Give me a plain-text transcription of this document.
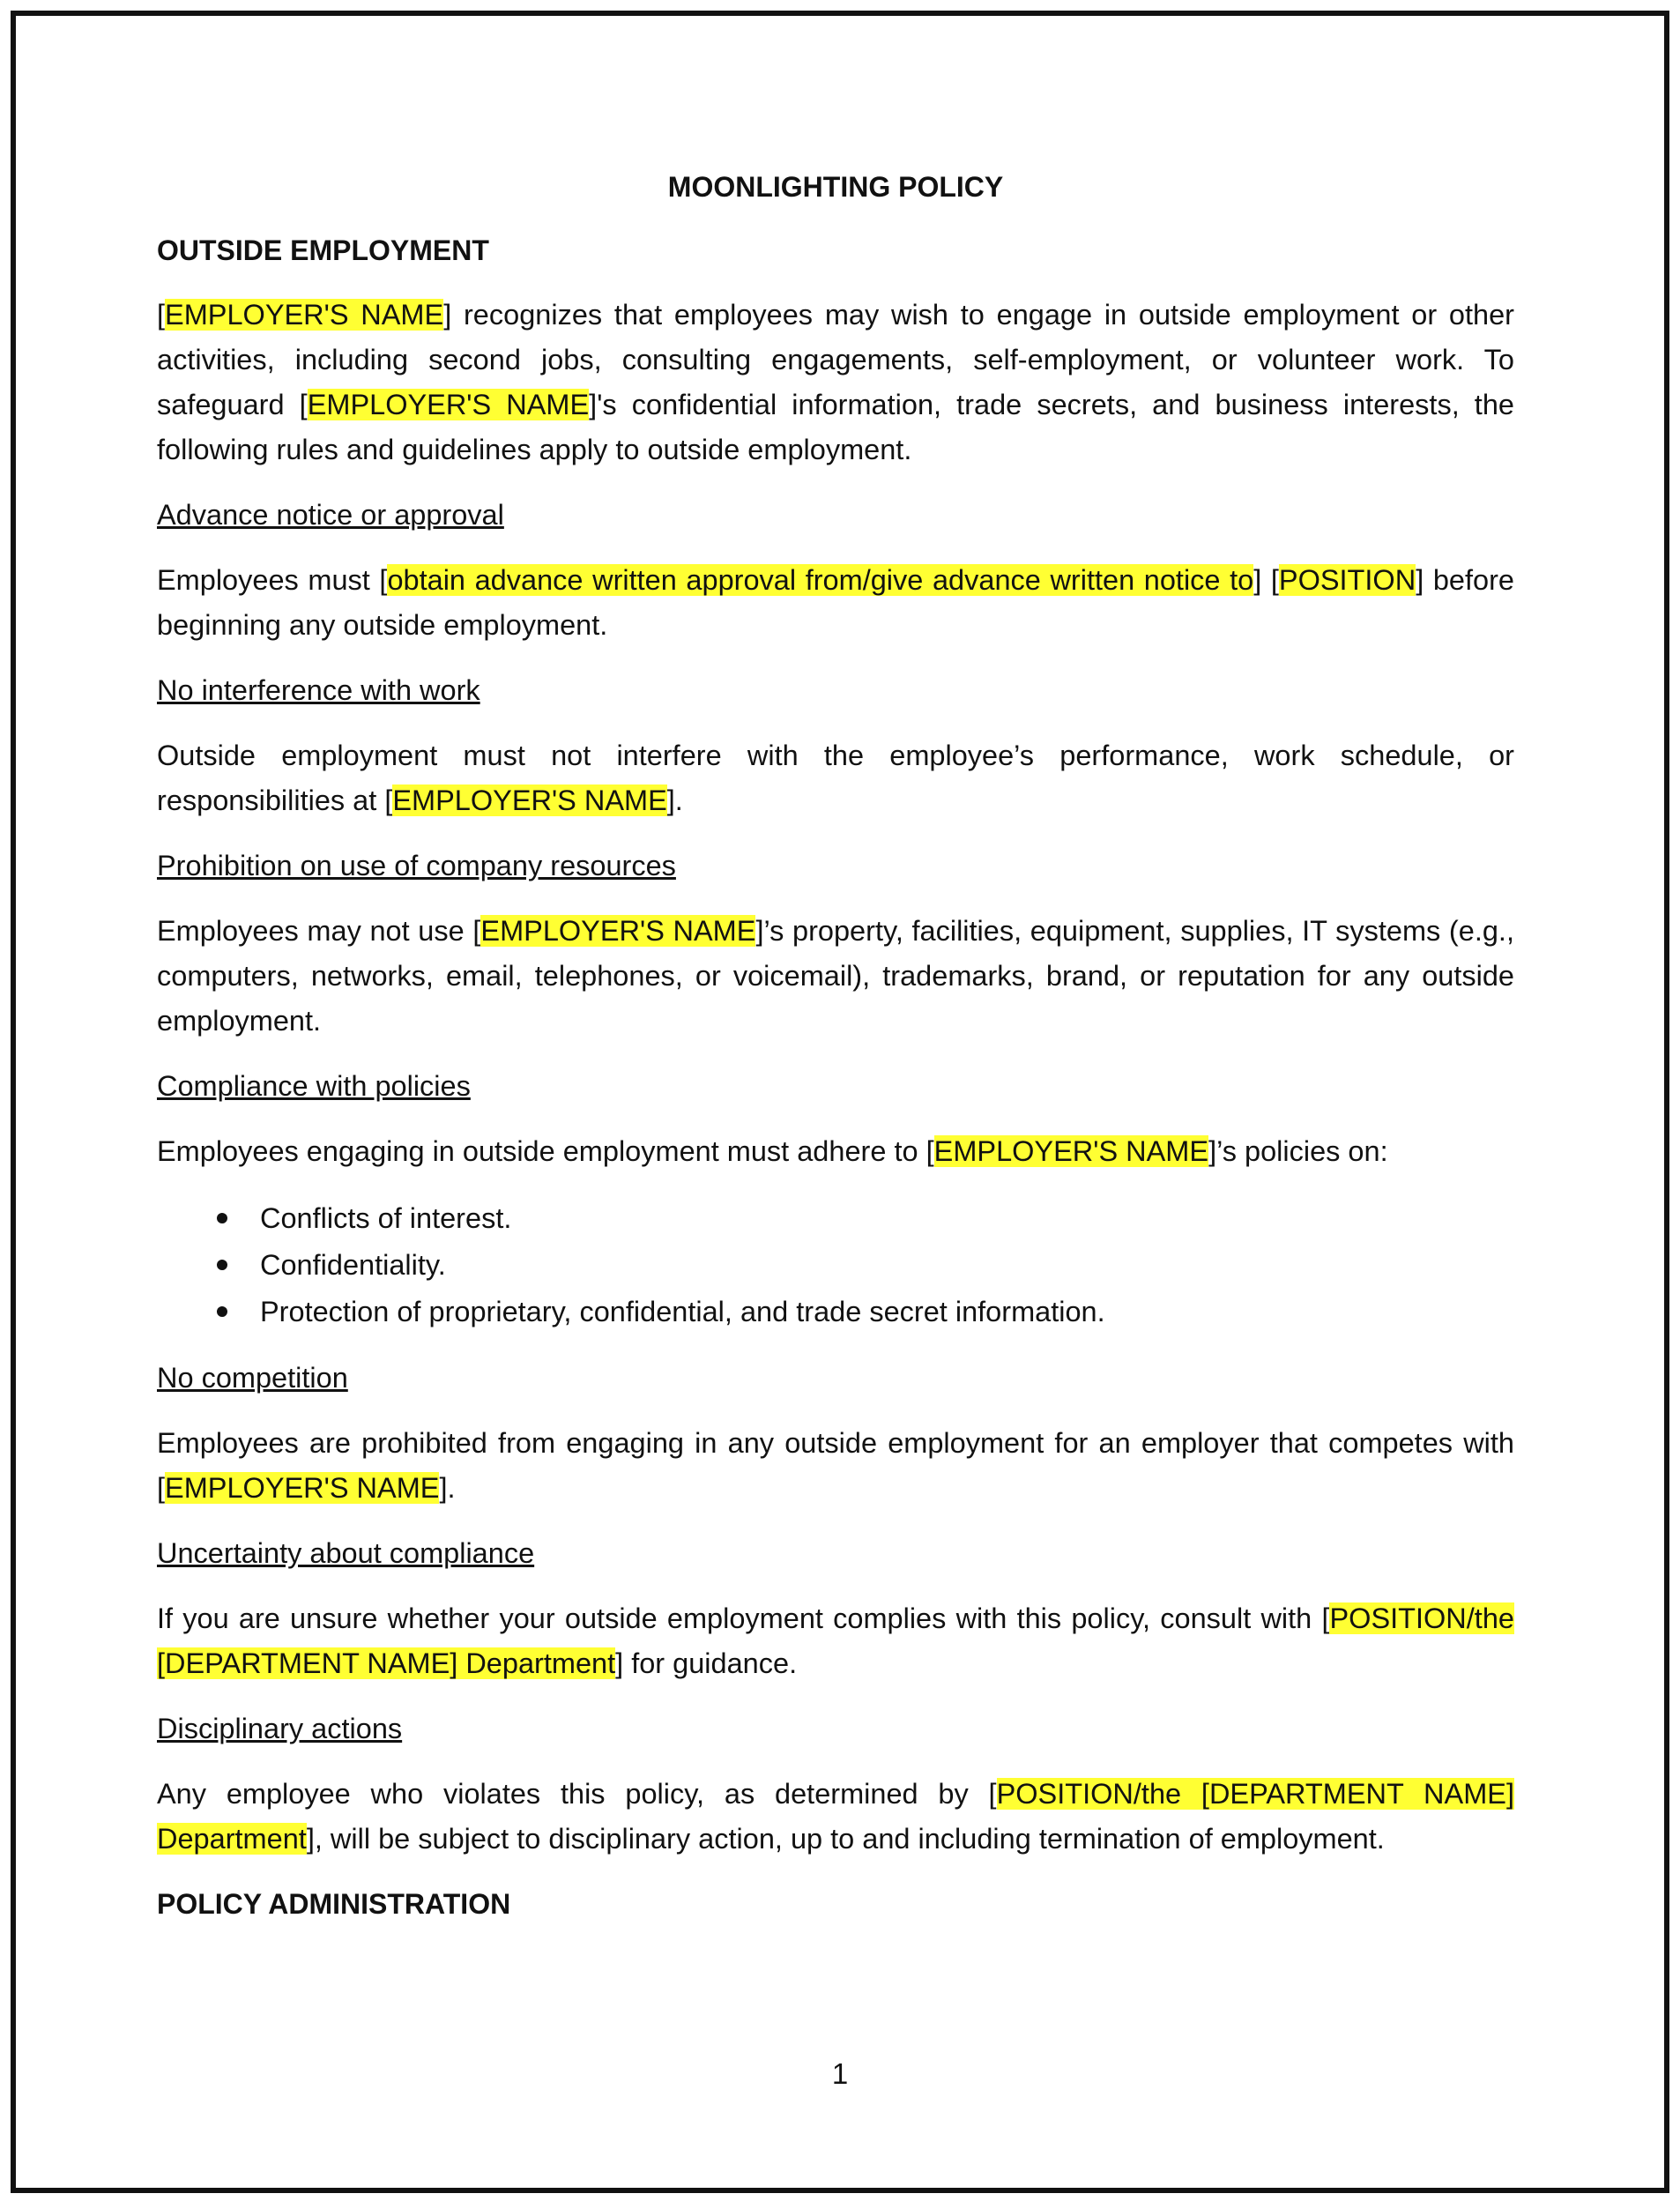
MOONLIGHTING POLICY
OUTSIDE EMPLOYMENT

[EMPLOYER'S NAME] recognizes that employees may wish to engage in outside employment or other activities, including second jobs, consulting engagements, self-employment, or volunteer work. To safeguard [EMPLOYER'S NAME]'s confidential information, trade secrets, and business interests, the following rules and guidelines apply to outside employment.

Advance notice or approval

Employees must [obtain advance written approval from/give advance written notice to] [POSITION] before beginning any outside employment.

No interference with work

Outside employment must not interfere with the employee’s performance, work schedule, or responsibilities at [EMPLOYER'S NAME].

Prohibition on use of company resources

Employees may not use [EMPLOYER'S NAME]’s property, facilities, equipment, supplies, IT systems (e.g., computers, networks, email, telephones, or voicemail), trademarks, brand, or reputation for any outside employment.

Compliance with policies

Employees engaging in outside employment must adhere to [EMPLOYER'S NAME]’s policies on:

Conflicts of interest.
Confidentiality.
Protection of proprietary, confidential, and trade secret information.
No competition

Employees are prohibited from engaging in any outside employment for an employer that competes with [EMPLOYER'S NAME].

Uncertainty about compliance

If you are unsure whether your outside employment complies with this policy, consult with [POSITION/the [DEPARTMENT NAME] Department] for guidance.

Disciplinary actions

Any employee who violates this policy, as determined by [POSITION/the [DEPARTMENT NAME] Department], will be subject to disciplinary action, up to and including termination of employment.

POLICY ADMINISTRATION
1
